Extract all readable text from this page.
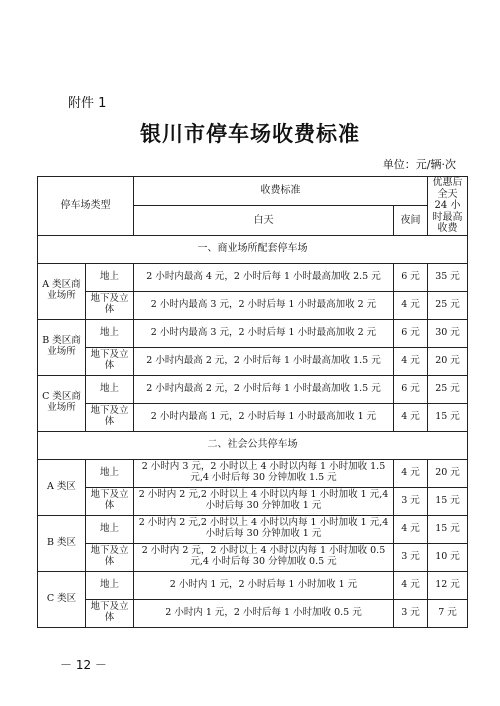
附件 1
银川市停车场收费标准
单位：元/辆·次
停车场类型		收费标准		优惠后全天 24 小时最高收费
		白天	夜间	
一、商业场所配套停车场				
A 类区商业场所	地上	2 小时内最高 4 元，2 小时后每 1 小时最高加收 2.5 元	6 元	35 元
	地下及立体	2 小时内最高 3 元，2 小时后每 1 小时最高加收 2 元	4 元	25 元
B 类区商业场所	地上	2 小时内最高 3 元，2 小时后每 1 小时最高加收 2 元	6 元	30 元
	地下及立体	2 小时内最高 2 元，2 小时后每 1 小时最高加收 1.5 元	4 元	20 元
C 类区商业场所	地上	2 小时内最高 2 元，2 小时后每 1 小时最高加收 1.5 元	6 元	25 元
	地下及立体	2 小时内最高 1 元，2 小时后每 1 小时最高加收 1 元	4 元	15 元
二、社会公共停车场				
A 类区	地上	2 小时内 3 元，2 小时以上 4 小时以内每 1 小时加收 1.5 元,4 小时后每 30 分钟加收 1.5 元	4 元	20 元
	地下及立体	2 小时内 2 元,2 小时以上 4 小时以内每 1 小时加收 1 元,4 小时后每 30 分钟加收 1 元	3 元	15 元
B 类区	地上	2 小时内 2 元,2 小时以上 4 小时以内每 1 小时加收 1 元,4 小时后每 30 分钟加收 1 元	4 元	15 元
	地下及立体	2 小时内 2 元，2 小时以上 4 小时以内每 1 小时加收 0.5 元,4 小时后每 30 分钟加收 0.5 元	3 元	10 元
C 类区	地上	2 小时内 1 元，2 小时后每 1 小时加收 1 元	4 元	12 元
	地下及立体	2 小时内 1 元，2 小时后每 1 小时加收 0.5 元	3 元	7 元
－ 12 －
